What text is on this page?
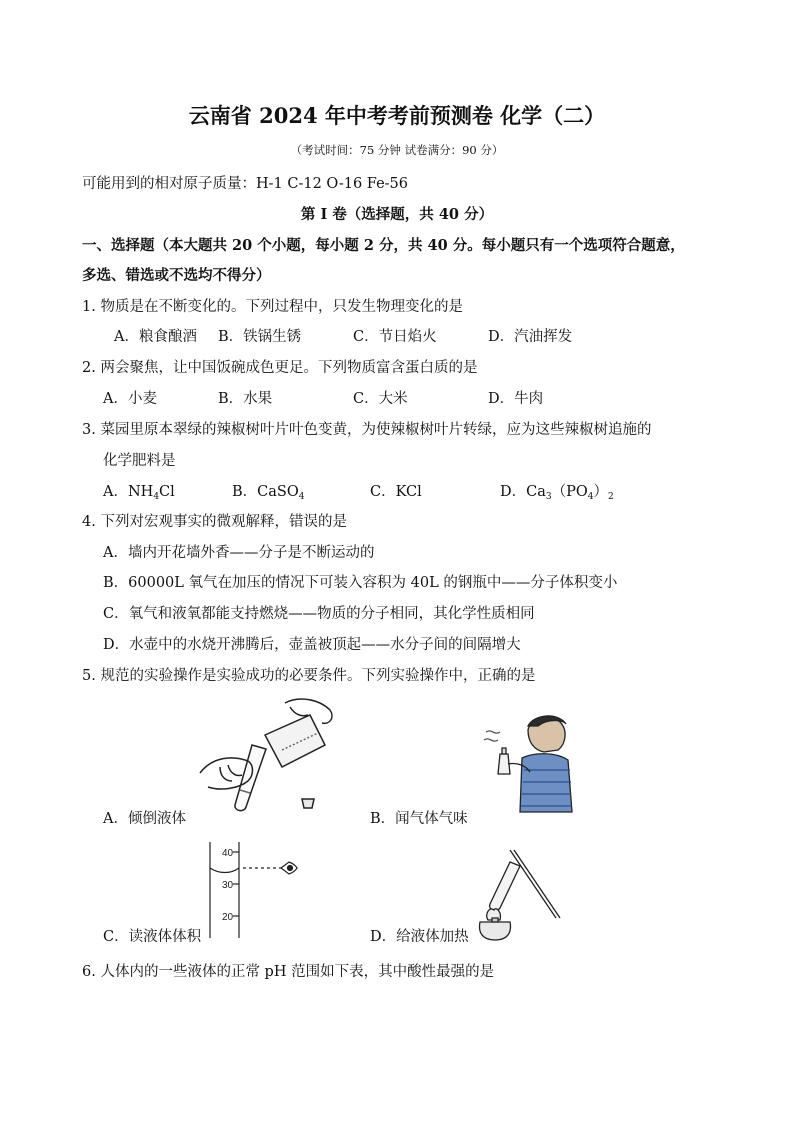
云南省 2024 年中考考前预测卷 化学（二）
（考试时间：75 分钟 试卷满分：90 分）
可能用到的相对原子质量：H-1 C-12 O-16 Fe-56
第 I 卷（选择题，共 40 分）
一、选择题（本大题共 20 个小题，每小题 2 分，共 40 分。每小题只有一个选项符合题意，
多选、错选或不选均不得分）
1. 物质是在不断变化的。下列过程中，只发生物理变化的是
A．粮食酿酒 B．铁锅生锈	C．节日焰火	D．汽油挥发
2. 两会聚焦，让中国饭碗成色更足。下列物质富含蛋白质的是
A．小麦	B．水果	C．大米	D．牛肉
3. 菜园里原本翠绿的辣椒树叶片叶色变黄，为使辣椒树叶片转绿，应为这些辣椒树追施的
化学肥料是
A．$NH_4Cl$	B．CaSO$_4$	C．KCl	D．$Ca_3(PO_4)_2$
4. 下列对宏观事实的微观解释，错误的是
A．墙内开花墙外香——分子是不断运动的
B．60000L 氧气在加压的情况下可装入容积为 40L 的钢瓶中——分子体积变小
C．氧气和液氧都能支持燃烧——物质的分子相同，其化学性质相同
D．水壶中的水烧开沸腾后，壶盖被顶起——水分子间的间隔增大
5. 规范的实验操作是实验成功的必要条件。下列实验操作中，正确的是
A．倾倒液体	B．闻气体气味
40
30
20
C．读液体体积	D．给液体加热
6. 人体内的一些液体的正常 pH 范围如下表，其中酸性最强的是
